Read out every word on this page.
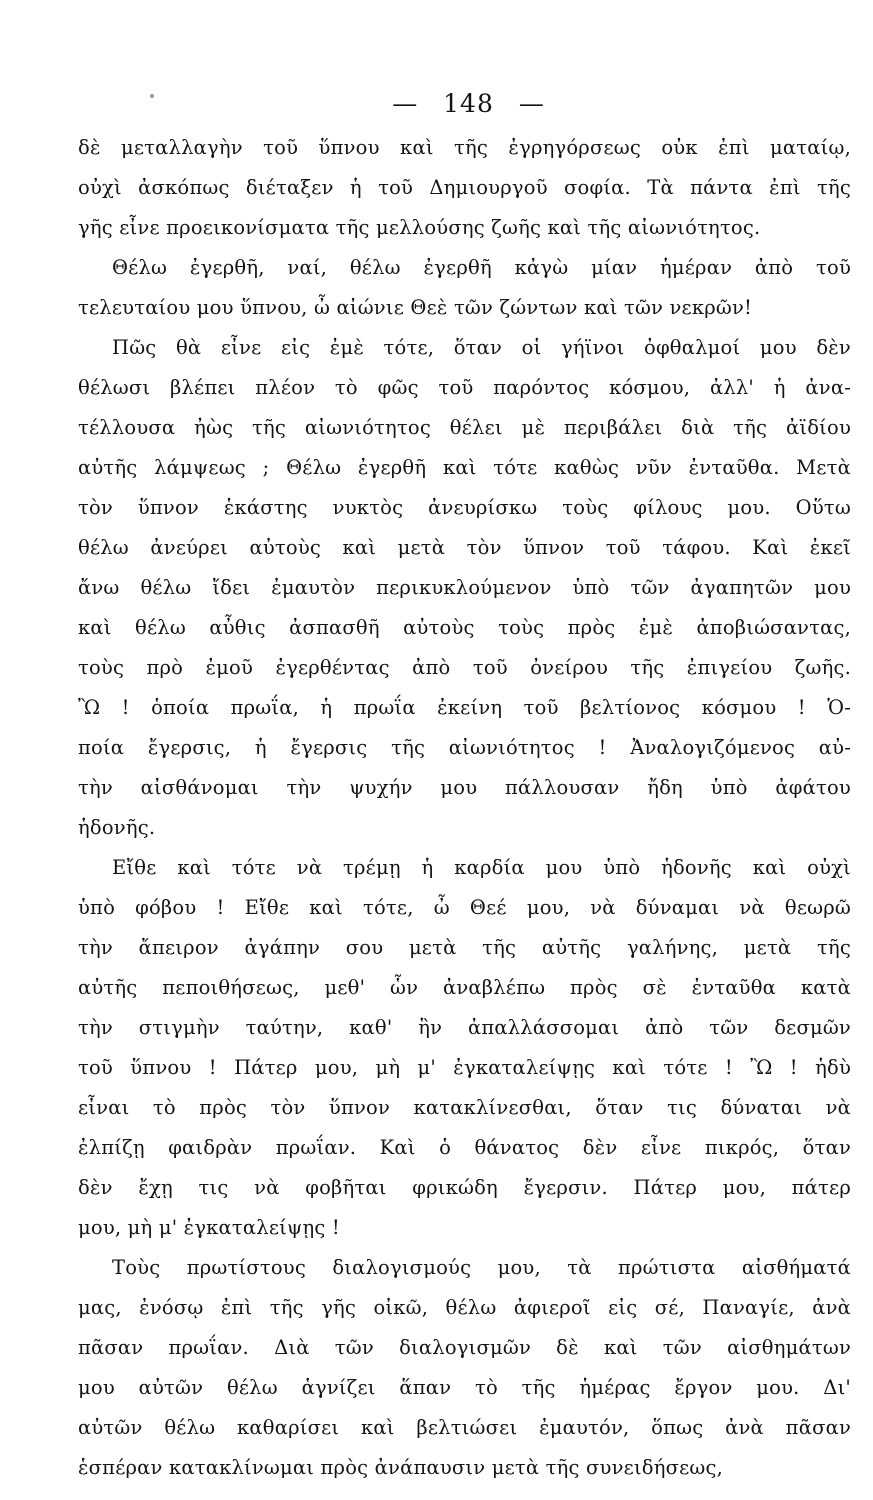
— 148 —
δὲ μεταλλαγὴν τοῦ ὕπνου καὶ τῆς ἐγρηγόρσεως οὐκ ἐπὶ ματαίῳ,
οὐχὶ ἀσκόπως διέταξεν ἡ τοῦ Δημιουργοῦ σοφία. Τὰ πάντα ἐπὶ τῆς
γῆς εἶνε προεικονίσματα τῆς μελλούσης ζωῆς καὶ τῆς αἰωνιότητος.
Θέλω ἐγερθῆ, ναί, θέλω ἐγερθῆ κἀγὼ μίαν ἡμέραν ἀπὸ τοῦ
τελευταίου μου ὕπνου, ὦ αἰώνιε Θεὲ τῶν ζώντων καὶ τῶν νεκρῶν!
Πῶς θὰ εἶνε εἰς ἐμὲ τότε, ὅταν οἱ γήϊνοι ὀφθαλμοί μου δὲν
θέλωσι βλέπει πλέον τὸ φῶς τοῦ παρόντος κόσμου, ἀλλ' ἡ ἀνα-
τέλλουσα ἠὼς τῆς αἰωνιότητος θέλει μὲ περιβάλει διὰ τῆς ἀϊδίου
αὐτῆς λάμψεως ; Θέλω ἐγερθῆ καὶ τότε καθὼς νῦν ἐνταῦθα. Μετὰ
τὸν ὕπνον ἑκάστης νυκτὸς ἀνευρίσκω τοὺς φίλους μου. Οὕτω
θέλω ἀνεύρει αὐτοὺς καὶ μετὰ τὸν ὕπνον τοῦ τάφου. Καὶ ἐκεῖ
ἄνω θέλω ἴδει ἐμαυτὸν περικυκλούμενον ὑπὸ τῶν ἀγαπητῶν μου
καὶ θέλω αὖθις ἀσπασθῆ αὐτοὺς τοὺς πρὸς ἐμὲ ἀποβιώσαντας,
τοὺς πρὸ ἐμοῦ ἐγερθέντας ἀπὸ τοῦ ὀνείρου τῆς ἐπιγείου ζωῆς.
Ὢ ! ὁποία πρωΐα, ἡ πρωΐα ἐκείνη τοῦ βελτίονος κόσμου ! Ὁ-
ποία ἔγερσις, ἡ ἔγερσις τῆς αἰωνιότητος ! Ἀναλογιζόμενος αὐ-
τὴν αἰσθάνομαι τὴν ψυχήν μου πάλλουσαν ἤδη ὑπὸ ἀφάτου
ἡδονῆς.
Εἴθε καὶ τότε νὰ τρέμῃ ἡ καρδία μου ὑπὸ ἡδονῆς καὶ οὐχὶ
ὑπὸ φόβου ! Εἴθε καὶ τότε, ὦ Θεέ μου, νὰ δύναμαι νὰ θεωρῶ
τὴν ἄπειρον ἀγάπην σου μετὰ τῆς αὐτῆς γαλήνης, μετὰ τῆς
αὐτῆς πεποιθήσεως, μεθ' ὧν ἀναβλέπω πρὸς σὲ ἐνταῦθα κατὰ
τὴν στιγμὴν ταύτην, καθ' ἣν ἀπαλλάσσομαι ἀπὸ τῶν δεσμῶν
τοῦ ὕπνου ! Πάτερ μου, μὴ μ' ἐγκαταλείψῃς καὶ τότε ! Ὢ ! ἡδὺ
εἶναι τὸ πρὸς τὸν ὕπνον κατακλίνεσθαι, ὅταν τις δύναται νὰ
ἐλπίζῃ φαιδρὰν πρωΐαν. Καὶ ὁ θάνατος δὲν εἶνε πικρός, ὅταν
δὲν ἔχῃ τις νὰ φοβῆται φρικώδη ἔγερσιν. Πάτερ μου, πάτερ
μου, μὴ μ' ἐγκαταλείψῃς !
Τοὺς πρωτίστους διαλογισμούς μου, τὰ πρώτιστα αἰσθήματά
μας, ἐνόσῳ ἐπὶ τῆς γῆς οἰκῶ, θέλω ἀφιεροῖ εἰς σέ, Παναγίε, ἀνὰ
πᾶσαν πρωΐαν. Διὰ τῶν διαλογισμῶν δὲ καὶ τῶν αἰσθημάτων
μου αὐτῶν θέλω ἁγνίζει ἅπαν τὸ τῆς ἡμέρας ἔργον μου. Δι'
αὐτῶν θέλω καθαρίσει καὶ βελτιώσει ἐμαυτόν, ὅπως ἀνὰ πᾶσαν
ἑσπέραν κατακλίνωμαι πρὸς ἀνάπαυσιν μετὰ τῆς συνειδήσεως,
